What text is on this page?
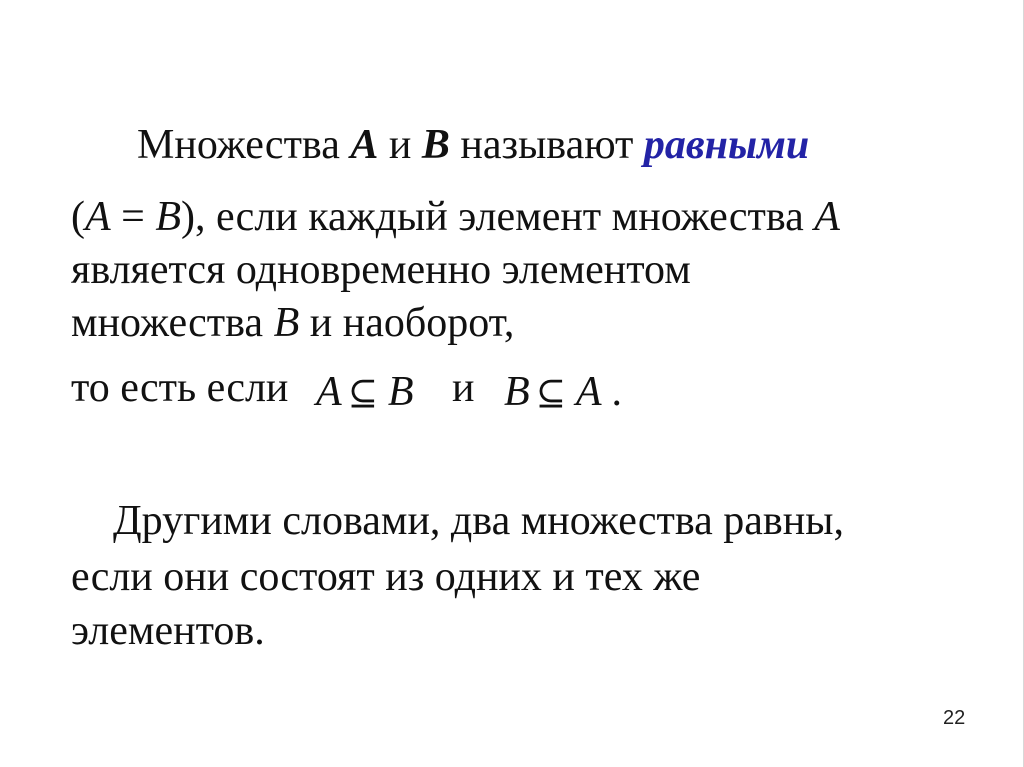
Множества A и B называют равными
(A = B), если каждый элемент множества A
является одновременно элементом
множества B и наоборот,
то есть если A ⊆ B и B ⊆ A .
Другими словами, два множества равны,
если они состоят из одних и тех же
элементов.
22
